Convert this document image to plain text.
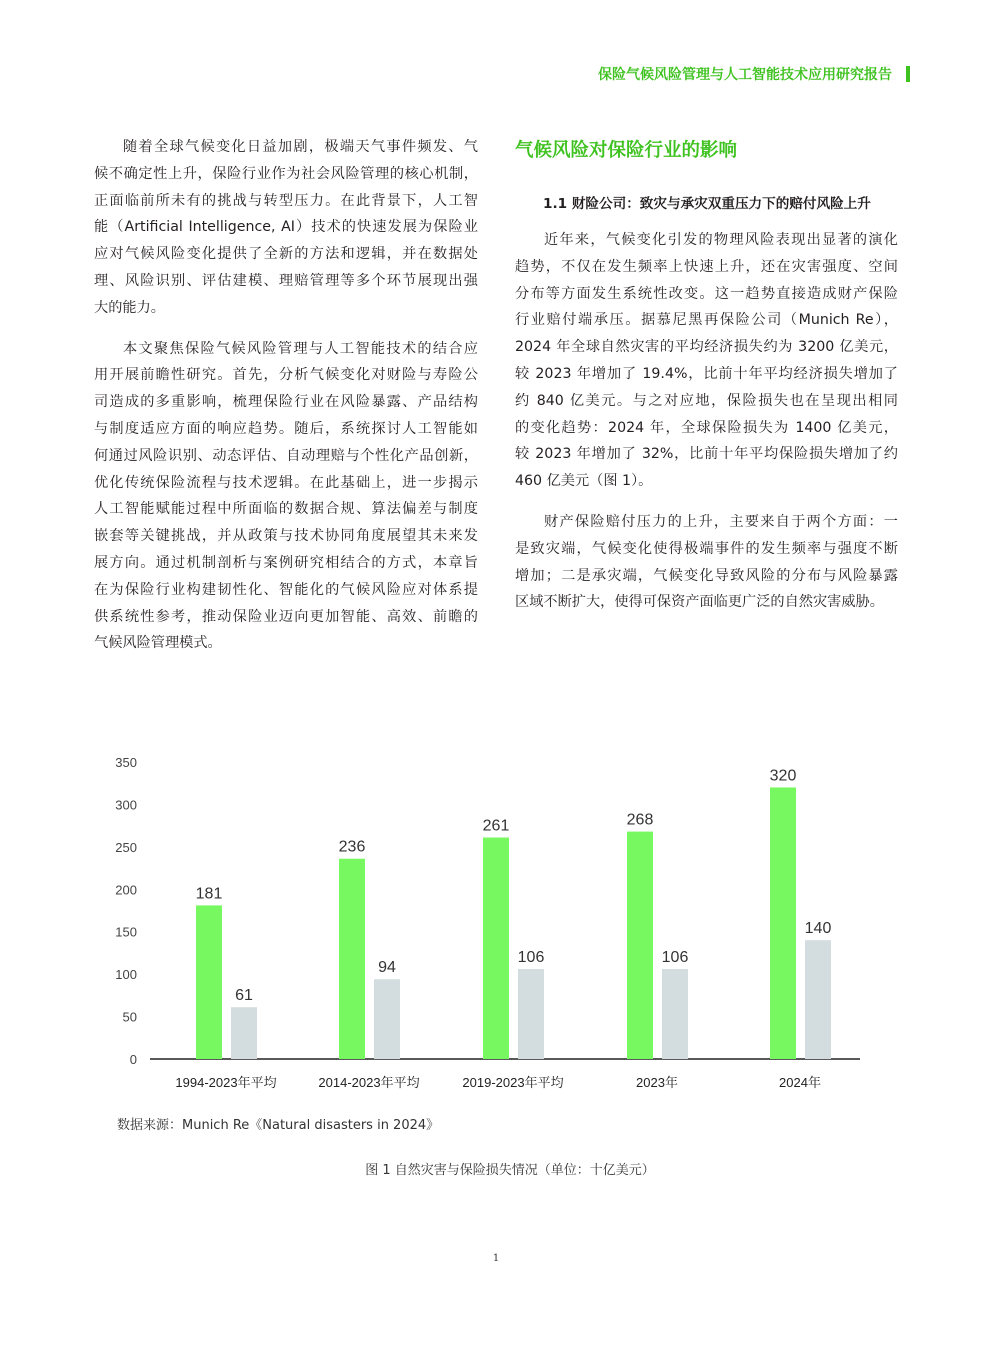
保险气候风险管理与人工智能技术应用研究报告
随着全球气候变化日益加剧，极端天气事件频发、气
候不确定性上升，保险行业作为社会风险管理的核心机制，
正面临前所未有的挑战与转型压力。在此背景下，人工智
能（Artificial Intelligence, AI）技术的快速发展为保险业
应对气候风险变化提供了全新的方法和逻辑，并在数据处
理、风险识别、评估建模、理赔管理等多个环节展现出强
大的能力。
本文聚焦保险气候风险管理与人工智能技术的结合应
用开展前瞻性研究。首先，分析气候变化对财险与寿险公
司造成的多重影响，梳理保险行业在风险暴露、产品结构
与制度适应方面的响应趋势。随后，系统探讨人工智能如
何通过风险识别、动态评估、自动理赔与个性化产品创新，
优化传统保险流程与技术逻辑。在此基础上，进一步揭示
人工智能赋能过程中所面临的数据合规、算法偏差与制度
嵌套等关键挑战，并从政策与技术协同角度展望其未来发
展方向。通过机制剖析与案例研究相结合的方式，本章旨
在为保险行业构建韧性化、智能化的气候风险应对体系提
供系统性参考，推动保险业迈向更加智能、高效、前瞻的
气候风险管理模式。
气候风险对保险行业的影响
1.1 财险公司：致灾与承灾双重压力下的赔付风险上升
近年来，气候变化引发的物理风险表现出显著的演化
趋势，不仅在发生频率上快速上升，还在灾害强度、空间
分布等方面发生系统性改变。这一趋势直接造成财产保险
行业赔付端承压。据慕尼黑再保险公司（Munich Re），
2024 年全球自然灾害的平均经济损失约为 3200 亿美元，
较 2023 年增加了 19.4%，比前十年平均经济损失增加了
约 840 亿美元。与之对应地，保险损失也在呈现出相同
的变化趋势：2024 年，全球保险损失为 1400 亿美元，
较 2023 年增加了 32%，比前十年平均保险损失增加了约
460 亿美元（图 1）。
财产保险赔付压力的上升，主要来自于两个方面：一
是致灾端，气候变化使得极端事件的发生频率与强度不断
增加；二是承灾端，气候变化导致风险的分布与风险暴露
区域不断扩大，使得可保资产面临更广泛的自然灾害威胁。
0
50
100
150
200
250
300
350
181
61
1994-2023年平均
236
94
2014-2023年平均
261
106
2019-2023年平均
268
106
2023年
320
140
2024年
数据来源：Munich Re《Natural disasters in 2024》
图 1 自然灾害与保险损失情况（单位：十亿美元）
1
